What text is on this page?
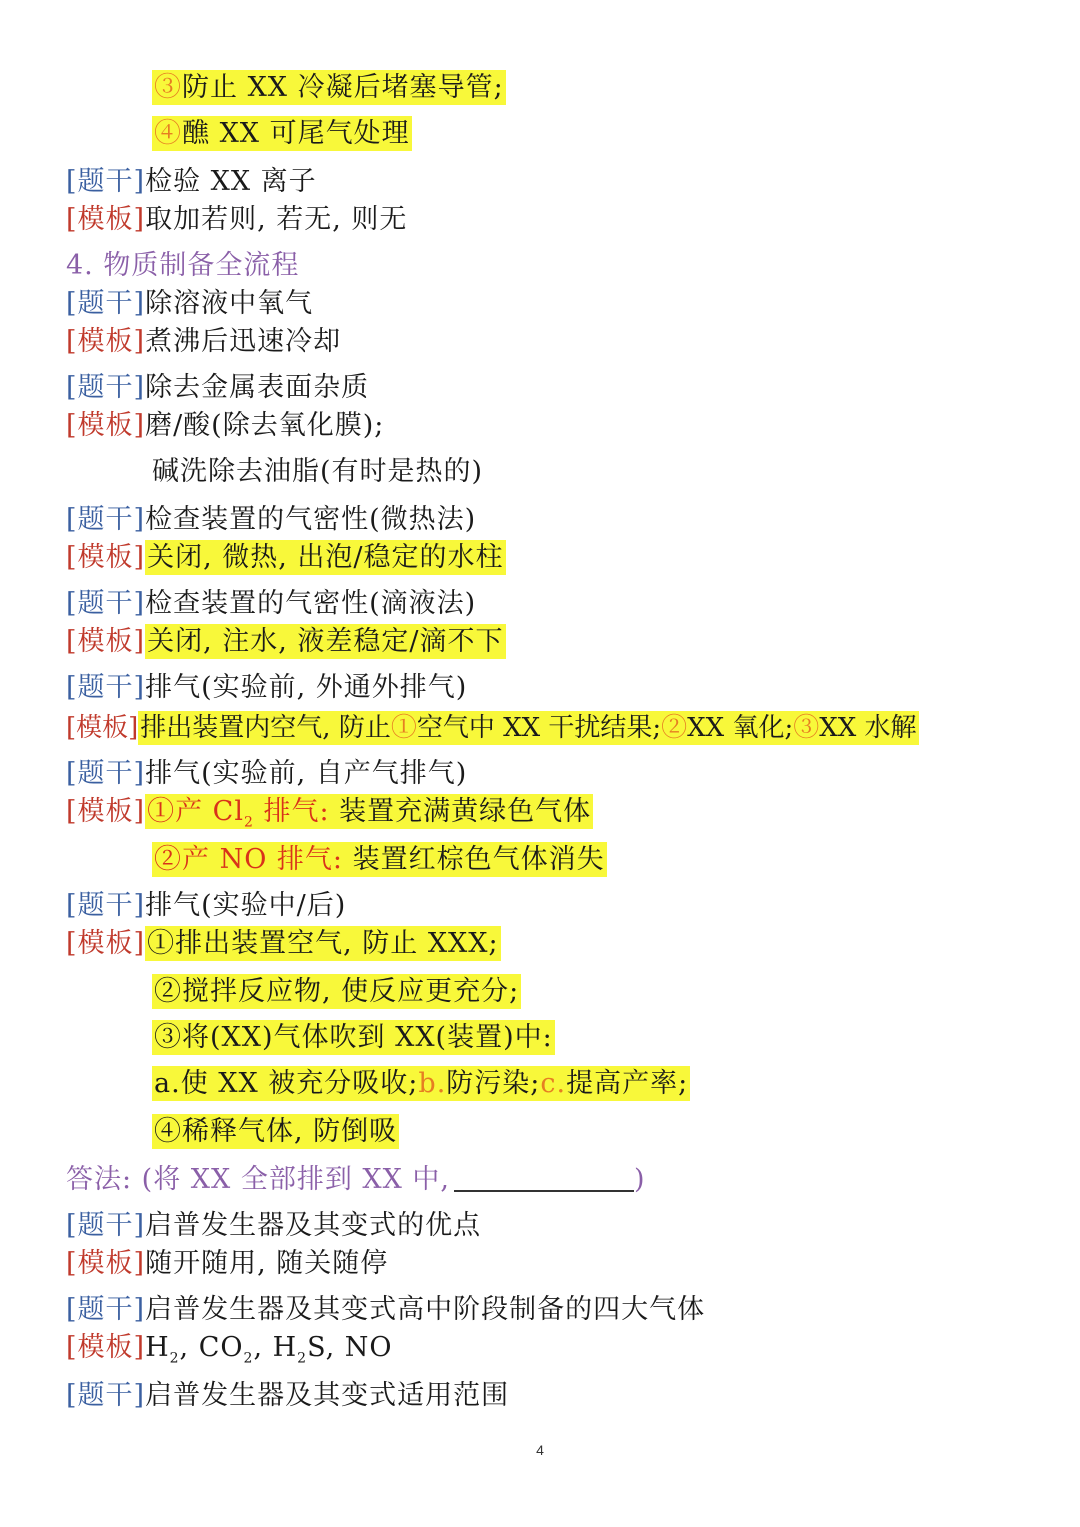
③防止 XX 冷凝后堵塞导管;
④醮 XX 可尾气处理
[题干]检验 XX 离子
[模板]取加若则, 若无, 则无
4. 物质制备全流程
[题干]除溶液中氧气
[模板]煮沸后迅速冷却
[题干]除去金属表面杂质
[模板]磨/酸(除去氧化膜);
碱洗除去油脂(有时是热的)
[题干]检查装置的气密性(微热法)
[模板]关闭, 微热, 出泡/稳定的水柱
[题干]检查装置的气密性(滴液法)
[模板]关闭, 注水, 液差稳定/滴不下
[题干]排气(实验前, 外通外排气)
[模板]排出装置内空气, 防止①空气中 XX 干扰结果;②XX 氧化;③XX 水解
[题干]排气(实验前, 自产气排气)
[模板]①产 $Cl_2$ 排气: 装置充满黄绿色气体
②产 NO 排气: 装置红棕色气体消失
[题干]排气(实验中/后)
[模板]①排出装置空气, 防止 XXX;
②搅拌反应物, 使反应更充分;
③将(XX)气体吹到 XX(装置)中:
a.使 XX 被充分吸收;b.防污染;c.提高产率;
④稀释气体, 防倒吸
答法: (将 XX 全部排到 XX 中,	)
[题干]启普发生器及其变式的优点
[模板]随开随用, 随关随停
[题干]启普发生器及其变式高中阶段制备的四大气体
[模板]$H_2$, $CO_2$, $H_2S$, NO
[题干]启普发生器及其变式适用范围
4
